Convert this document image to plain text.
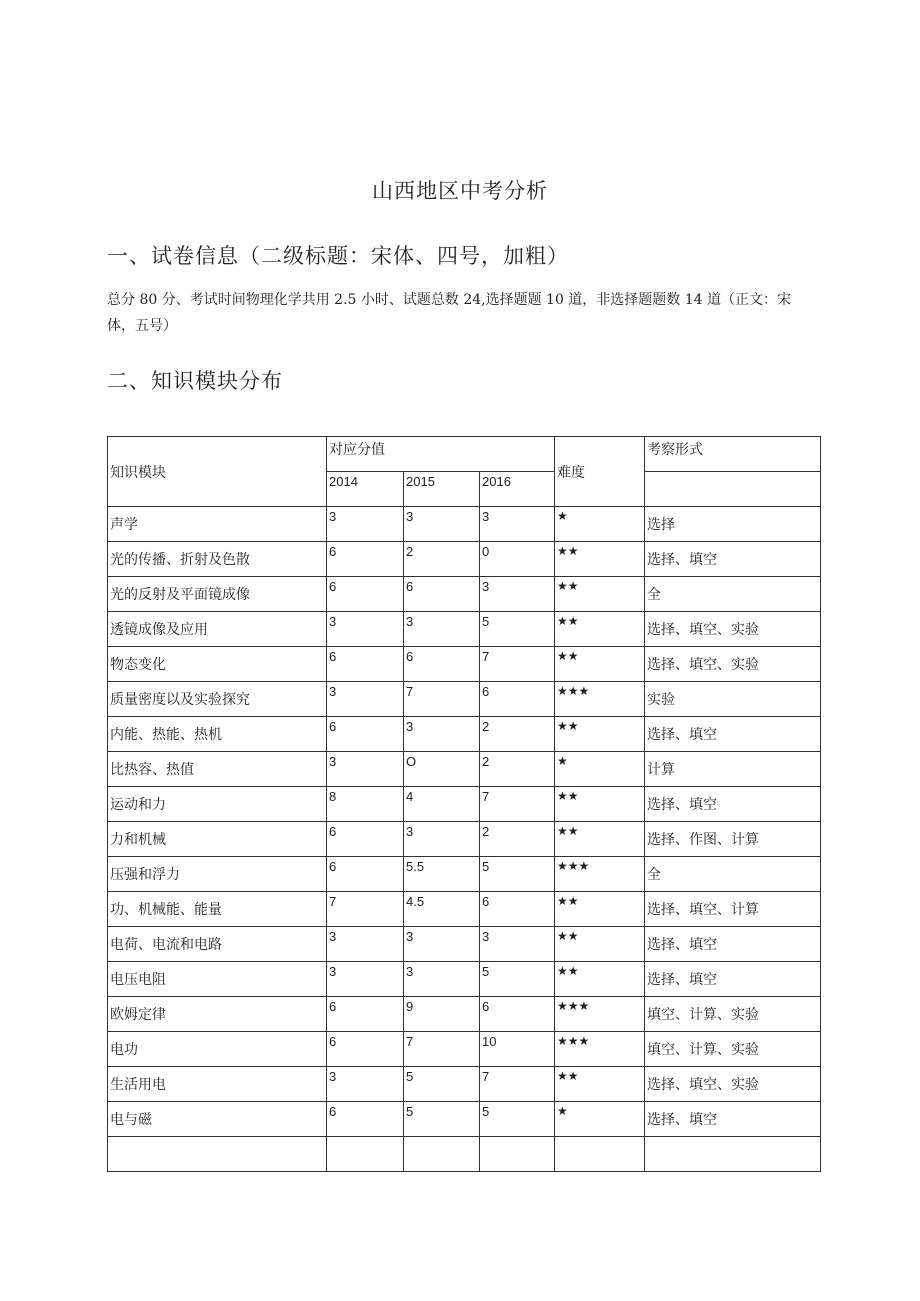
山西地区中考分析
一、试卷信息（二级标题：宋体、四号，加粗）
总分 80 分、考试时间物理化学共用 2.5 小时、试题总数 24,选择题题 10 道，非选择题题数 14 道（正文：宋体，五号）
二、知识模块分布
知识模块	对应分值			难度	考察形式
	2014	2015	2016		
声学	3	3	3	★	选择
光的传播、折射及色散	6	2	0	★★	选择、填空
光的反射及平面镜成像	6	6	3	★★	全
透镜成像及应用	3	3	5	★★	选择、填空、实验
物态变化	6	6	7	★★	选择、填空、实验
质量密度以及实验探究	3	7	6	★★★	实验
内能、热能、热机	6	3	2	★★	选择、填空
比热容、热值	3	O	2	★	计算
运动和力	8	4	7	★★	选择、填空
力和机械	6	3	2	★★	选择、作图、计算
压强和浮力	6	5.5	5	★★★	全
功、机械能、能量	7	4.5	6	★★	选择、填空、计算
电荷、电流和电路	3	3	3	★★	选择、填空
电压电阻	3	3	5	★★	选择、填空
欧姆定律	6	9	6	★★★	填空、计算、实验
电功	6	7	10	★★★	填空、计算、实验
生活用电	3	5	7	★★	选择、填空、实验
电与磁	6	5	5	★	选择、填空
